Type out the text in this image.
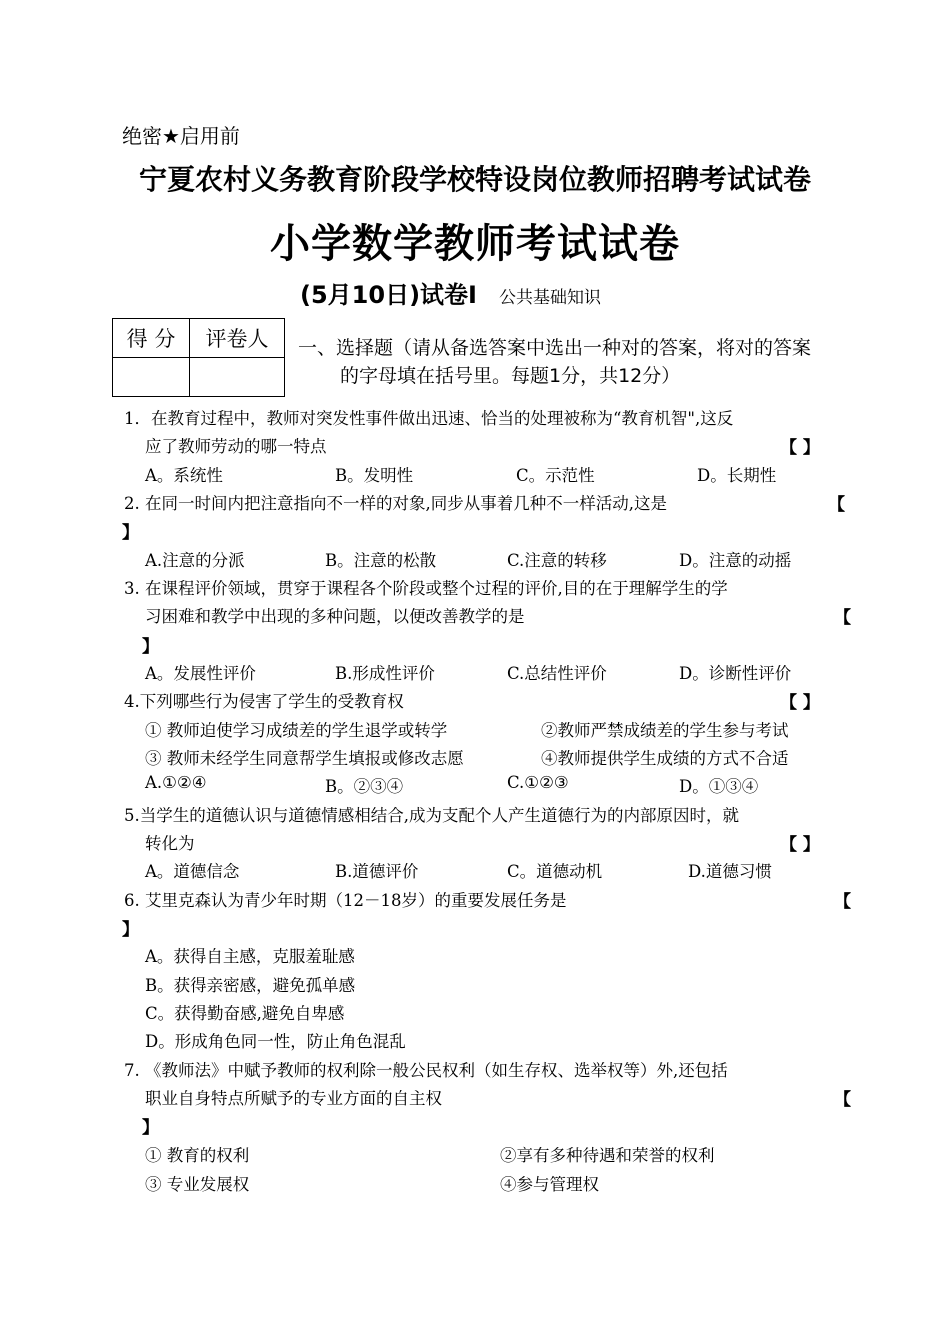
绝密★启用前
宁夏农村义务教育阶段学校特设岗位教师招聘考试试卷
小学数学教师考试试卷
(5月10日)试卷Ⅰ 公共基础知识
得 分	评卷人
	一、选择题（请从备选答案中选出一种对的答案，将对的答案
的字母填在括号里。每题1分，共12分）
1．在教育过程中，教师对突发性事件做出迅速、恰当的处理被称为“教育机智",这反
应了教师劳动的哪一特点	【 】
A。系统性	B。发明性	C。示范性	D。长期性
2. 在同一时间内把注意指向不一样的对象,同步从事着几种不一样活动,这是	【
】
A.注意的分派	B。注意的松散	C.注意的转移	D。注意的动摇
3. 在课程评价领域，贯穿于课程各个阶段或整个过程的评价,目的在于理解学生的学
习困难和教学中出现的多种问题，以便改善教学的是	【
】
A。发展性评价	B.形成性评价	C.总结性评价	D。诊断性评价
4.下列哪些行为侵害了学生的受教育权	【 】
① 教师迫使学习成绩差的学生退学或转学	②教师严禁成绩差的学生参与考试
③ 教师未经学生同意帮学生填报或修改志愿	④教师提供学生成绩的方式不合适
A.①②④	B。②③④	C.①②③	D。①③④
5.当学生的道德认识与道德情感相结合,成为支配个人产生道德行为的内部原因时，就
转化为	【 】
A。道德信念	B.道德评价	C。道德动机	D.道德习惯
6. 艾里克森认为青少年时期（12－18岁）的重要发展任务是	【
】
A。获得自主感，克服羞耻感
B。获得亲密感，避免孤单感
C。获得勤奋感,避免自卑感
D。形成角色同一性，防止角色混乱
7. 《教师法》中赋予教师的权利除一般公民权利（如生存权、选举权等）外,还包括
职业自身特点所赋予的专业方面的自主权	【
】
① 教育的权利	②享有多种待遇和荣誉的权利
③ 专业发展权	④参与管理权
